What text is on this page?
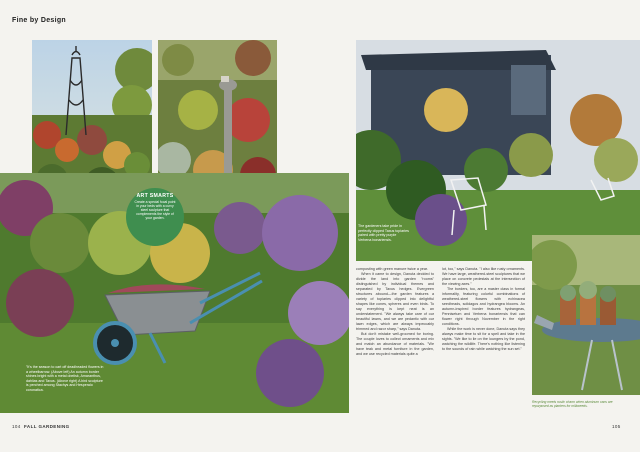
Fine by Design
ART SMARTS
Create a special focal point in your beds with a curvy steel sculpture that complements the style of your garden.
"It's the season to cart off deadheaded flowers in a wheelbarrow. (Above left) An autumn border shines bright with a metal obelisk, Amaranthus, dahlias and Taxus. (Above right) A bird sculpture is perched among Stachys and Hesperalo coronatica.
The gardeners take pride in perfectly clipped Taxus topiaries paired with pretty purple Verbena bonariensis.
Recycling meets rustic charm when aluminum cans are repurposed as planters for milkweeds.

composting with green manure twice a year.

When it came to design, Danuta decided to divide the land into garden "rooms" distinguished by individual themes and separated by Taxus hedges. Evergreen structures abound—the garden features a variety of topiaries clipped into delightful shapes like cones, spheres and even birds. To say everything is kept neat is an understatement. "We always take care of our beautiful lawns, and we are pedantic with our lawn edges, which are always impeccably trimmed and razor sharp," says Danuta.

But don't mistake well-groomed for boring. The couple loves to collect ornaments and mix and match an abundance of materials. "We have teak and metal furniture in the garden, and we use recycled materials quite a

lot, too," says Danuta. "I also like rusty ornaments. We have large, weathered-steel sculptures that we place on concrete pedestals at the intersection of the viewing axes."

The borders, too, are a master class in formal informality, featuring colorful combinations of weathered-steel flowers with echinacea seedheads, solidagos and hydrangea blooms. An autumn-inspired border features hydrangeas, Pennisetum and Verbena bonariensis that can flower right through November in the right conditions.

While the work is never done, Danuta says they always make time to sit for a spell and take in the sights. "We like to lie on the loungers by the pond, watching the wildlife. There's nothing like listening to the sounds of rain while watching the sun set."

104 FALL GARDENING	105
